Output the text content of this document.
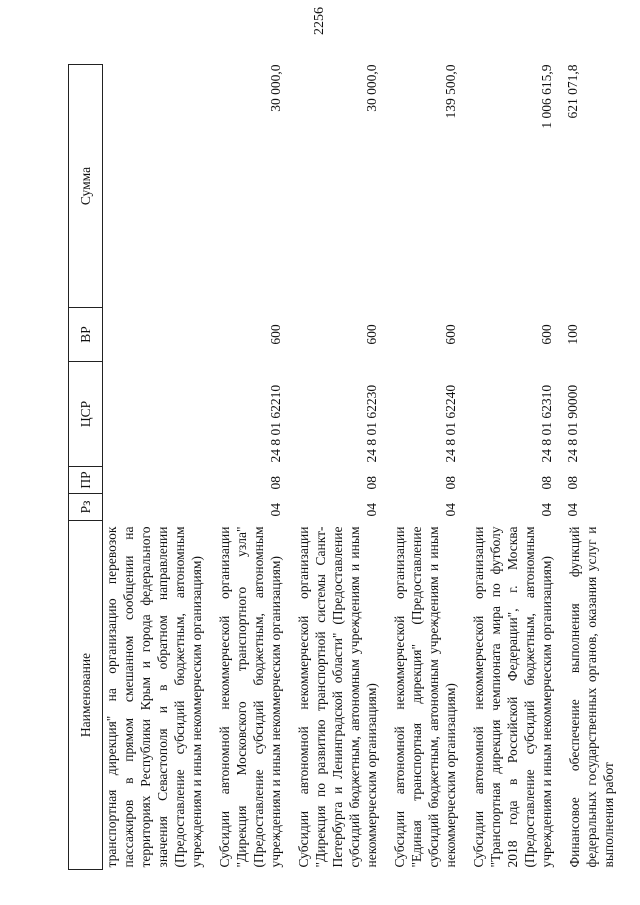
2256
Наименование	Рз	ПР	ЦСР	ВР	Сумма
транспортная дирекция" на организацию перевозок пассажиров в прямом смешанном сообщении на территориях Республики Крым и города федерального значения Севастополя и в обратном направлении (Предоставление субсидий бюджетным, автономным учреждениям и иным некоммерческим организациям)					
Субсидии автономной некоммерческой организации "Дирекция Московского транспортного узла" (Предоставление субсидий бюджетным, автономным учреждениям и иным некоммерческим организациям)	04	08	24 8 01 62210	600	30 000,0
Субсидии автономной некоммерческой организации "Дирекция по развитию транспортной системы Санкт-Петербурга и Ленинградской области" (Предоставление субсидий бюджетным, автономным учреждениям и иным некоммерческим организациям)	04	08	24 8 01 62230	600	30 000,0
Субсидии автономной некоммерческой организации "Единая транспортная дирекция" (Предоставление субсидий бюджетным, автономным учреждениям и иным некоммерческим организациям)	04	08	24 8 01 62240	600	139 500,0
Субсидии автономной некоммерческой организации "Транспортная дирекция чемпионата мира по футболу 2018 года в Российской Федерации", г. Москва (Предоставление субсидий бюджетным, автономным учреждениям и иным некоммерческим организациям)	04	08	24 8 01 62310	600	1 006 615,9
Финансовое обеспечение выполнения функций федеральных государственных органов, оказания услуг и выполнения работ	04	08	24 8 01 90000	100	621 071,8
